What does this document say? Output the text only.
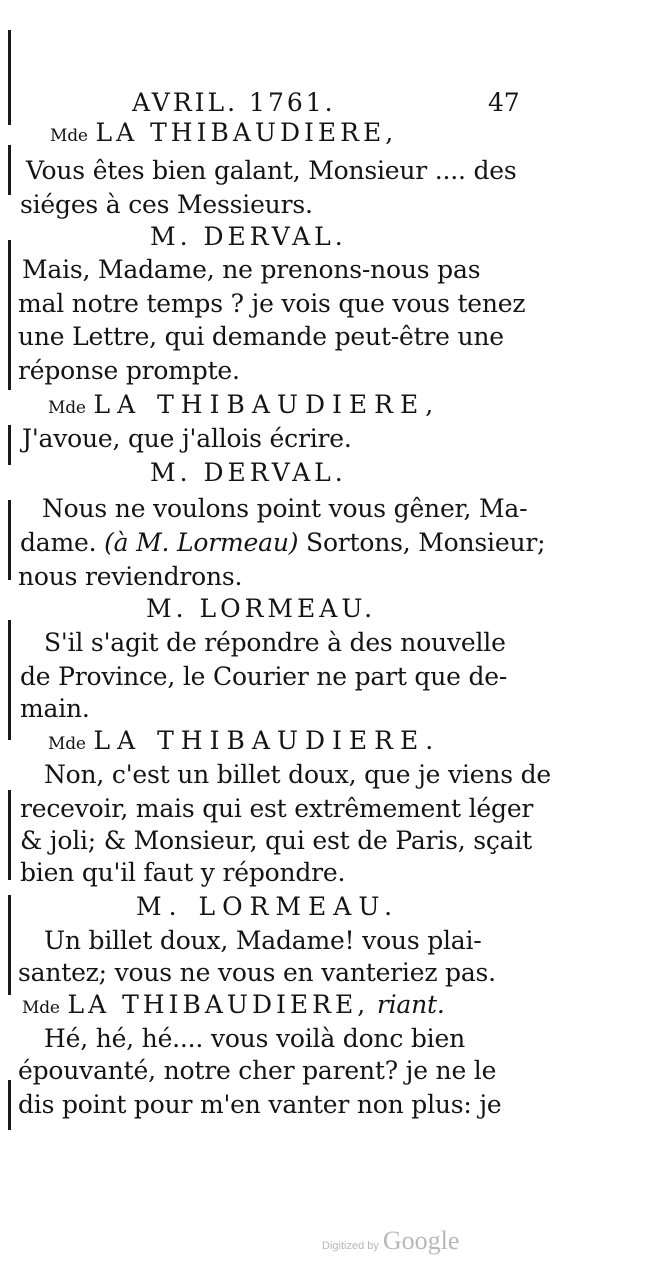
AVRIL. 1761.	47
Mde LA THIBAUDIERE,
Vous êtes bien galant, Monsieur .... des
siéges à ces Messieurs.
M. DERVAL.
Mais, Madame, ne prenons-nous pas
mal notre temps ? je vois que vous tenez
une Lettre, qui demande peut-être une
réponse prompte.
Mde LA THIBAUDIERE,
J'avoue, que j'allois écrire.
M. DERVAL.
Nous ne voulons point vous gêner, Ma-
dame. (à M. Lormeau) Sortons, Monsieur;
nous reviendrons.
M. LORMEAU.
S'il s'agit de répondre à des nouvelle
de Province, le Courier ne part que de-
main.
Mde LA THIBAUDIERE.
Non, c'est un billet doux, que je viens de
recevoir, mais qui est extrêmement léger
& joli; & Monsieur, qui est de Paris, sçait
bien qu'il faut y répondre.
M. LORMEAU.
Un billet doux, Madame! vous plai-
santez; vous ne vous en vanteriez pas.
Mde LA THIBAUDIERE, riant.
Hé, hé, hé.... vous voilà donc bien
épouvanté, notre cher parent? je ne le
dis point pour m'en vanter non plus: je
Digitized by Google
